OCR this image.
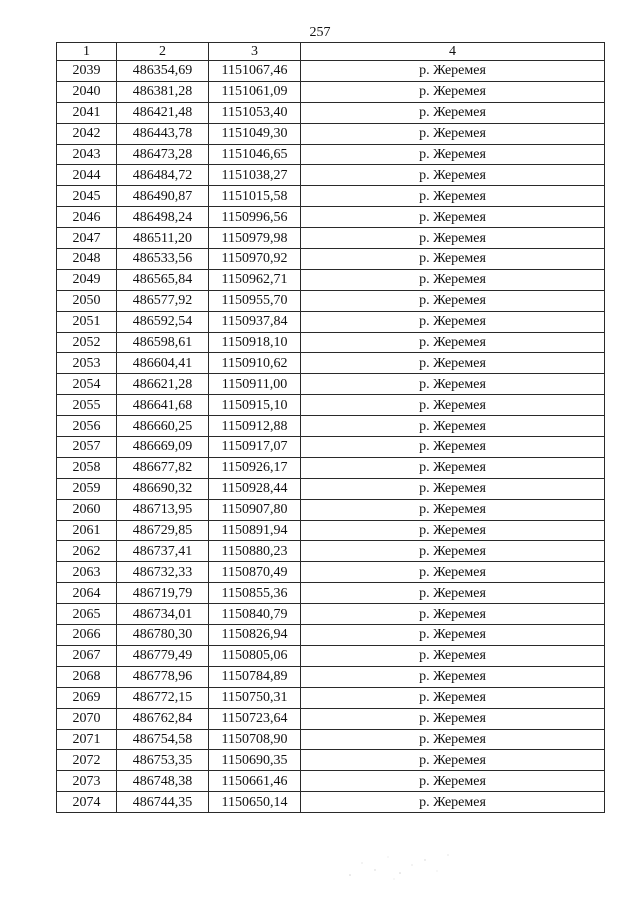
257
1	2	3	4
2039	486354,69	1151067,46	р. Жеремея
2040	486381,28	1151061,09	р. Жеремея
2041	486421,48	1151053,40	р. Жеремея
2042	486443,78	1151049,30	р. Жеремея
2043	486473,28	1151046,65	р. Жеремея
2044	486484,72	1151038,27	р. Жеремея
2045	486490,87	1151015,58	р. Жеремея
2046	486498,24	1150996,56	р. Жеремея
2047	486511,20	1150979,98	р. Жеремея
2048	486533,56	1150970,92	р. Жеремея
2049	486565,84	1150962,71	р. Жеремея
2050	486577,92	1150955,70	р. Жеремея
2051	486592,54	1150937,84	р. Жеремея
2052	486598,61	1150918,10	р. Жеремея
2053	486604,41	1150910,62	р. Жеремея
2054	486621,28	1150911,00	р. Жеремея
2055	486641,68	1150915,10	р. Жеремея
2056	486660,25	1150912,88	р. Жеремея
2057	486669,09	1150917,07	р. Жеремея
2058	486677,82	1150926,17	р. Жеремея
2059	486690,32	1150928,44	р. Жеремея
2060	486713,95	1150907,80	р. Жеремея
2061	486729,85	1150891,94	р. Жеремея
2062	486737,41	1150880,23	р. Жеремея
2063	486732,33	1150870,49	р. Жеремея
2064	486719,79	1150855,36	р. Жеремея
2065	486734,01	1150840,79	р. Жеремея
2066	486780,30	1150826,94	р. Жеремея
2067	486779,49	1150805,06	р. Жеремея
2068	486778,96	1150784,89	р. Жеремея
2069	486772,15	1150750,31	р. Жеремея
2070	486762,84	1150723,64	р. Жеремея
2071	486754,58	1150708,90	р. Жеремея
2072	486753,35	1150690,35	р. Жеремея
2073	486748,38	1150661,46	р. Жеремея
2074	486744,35	1150650,14	р. Жеремея
